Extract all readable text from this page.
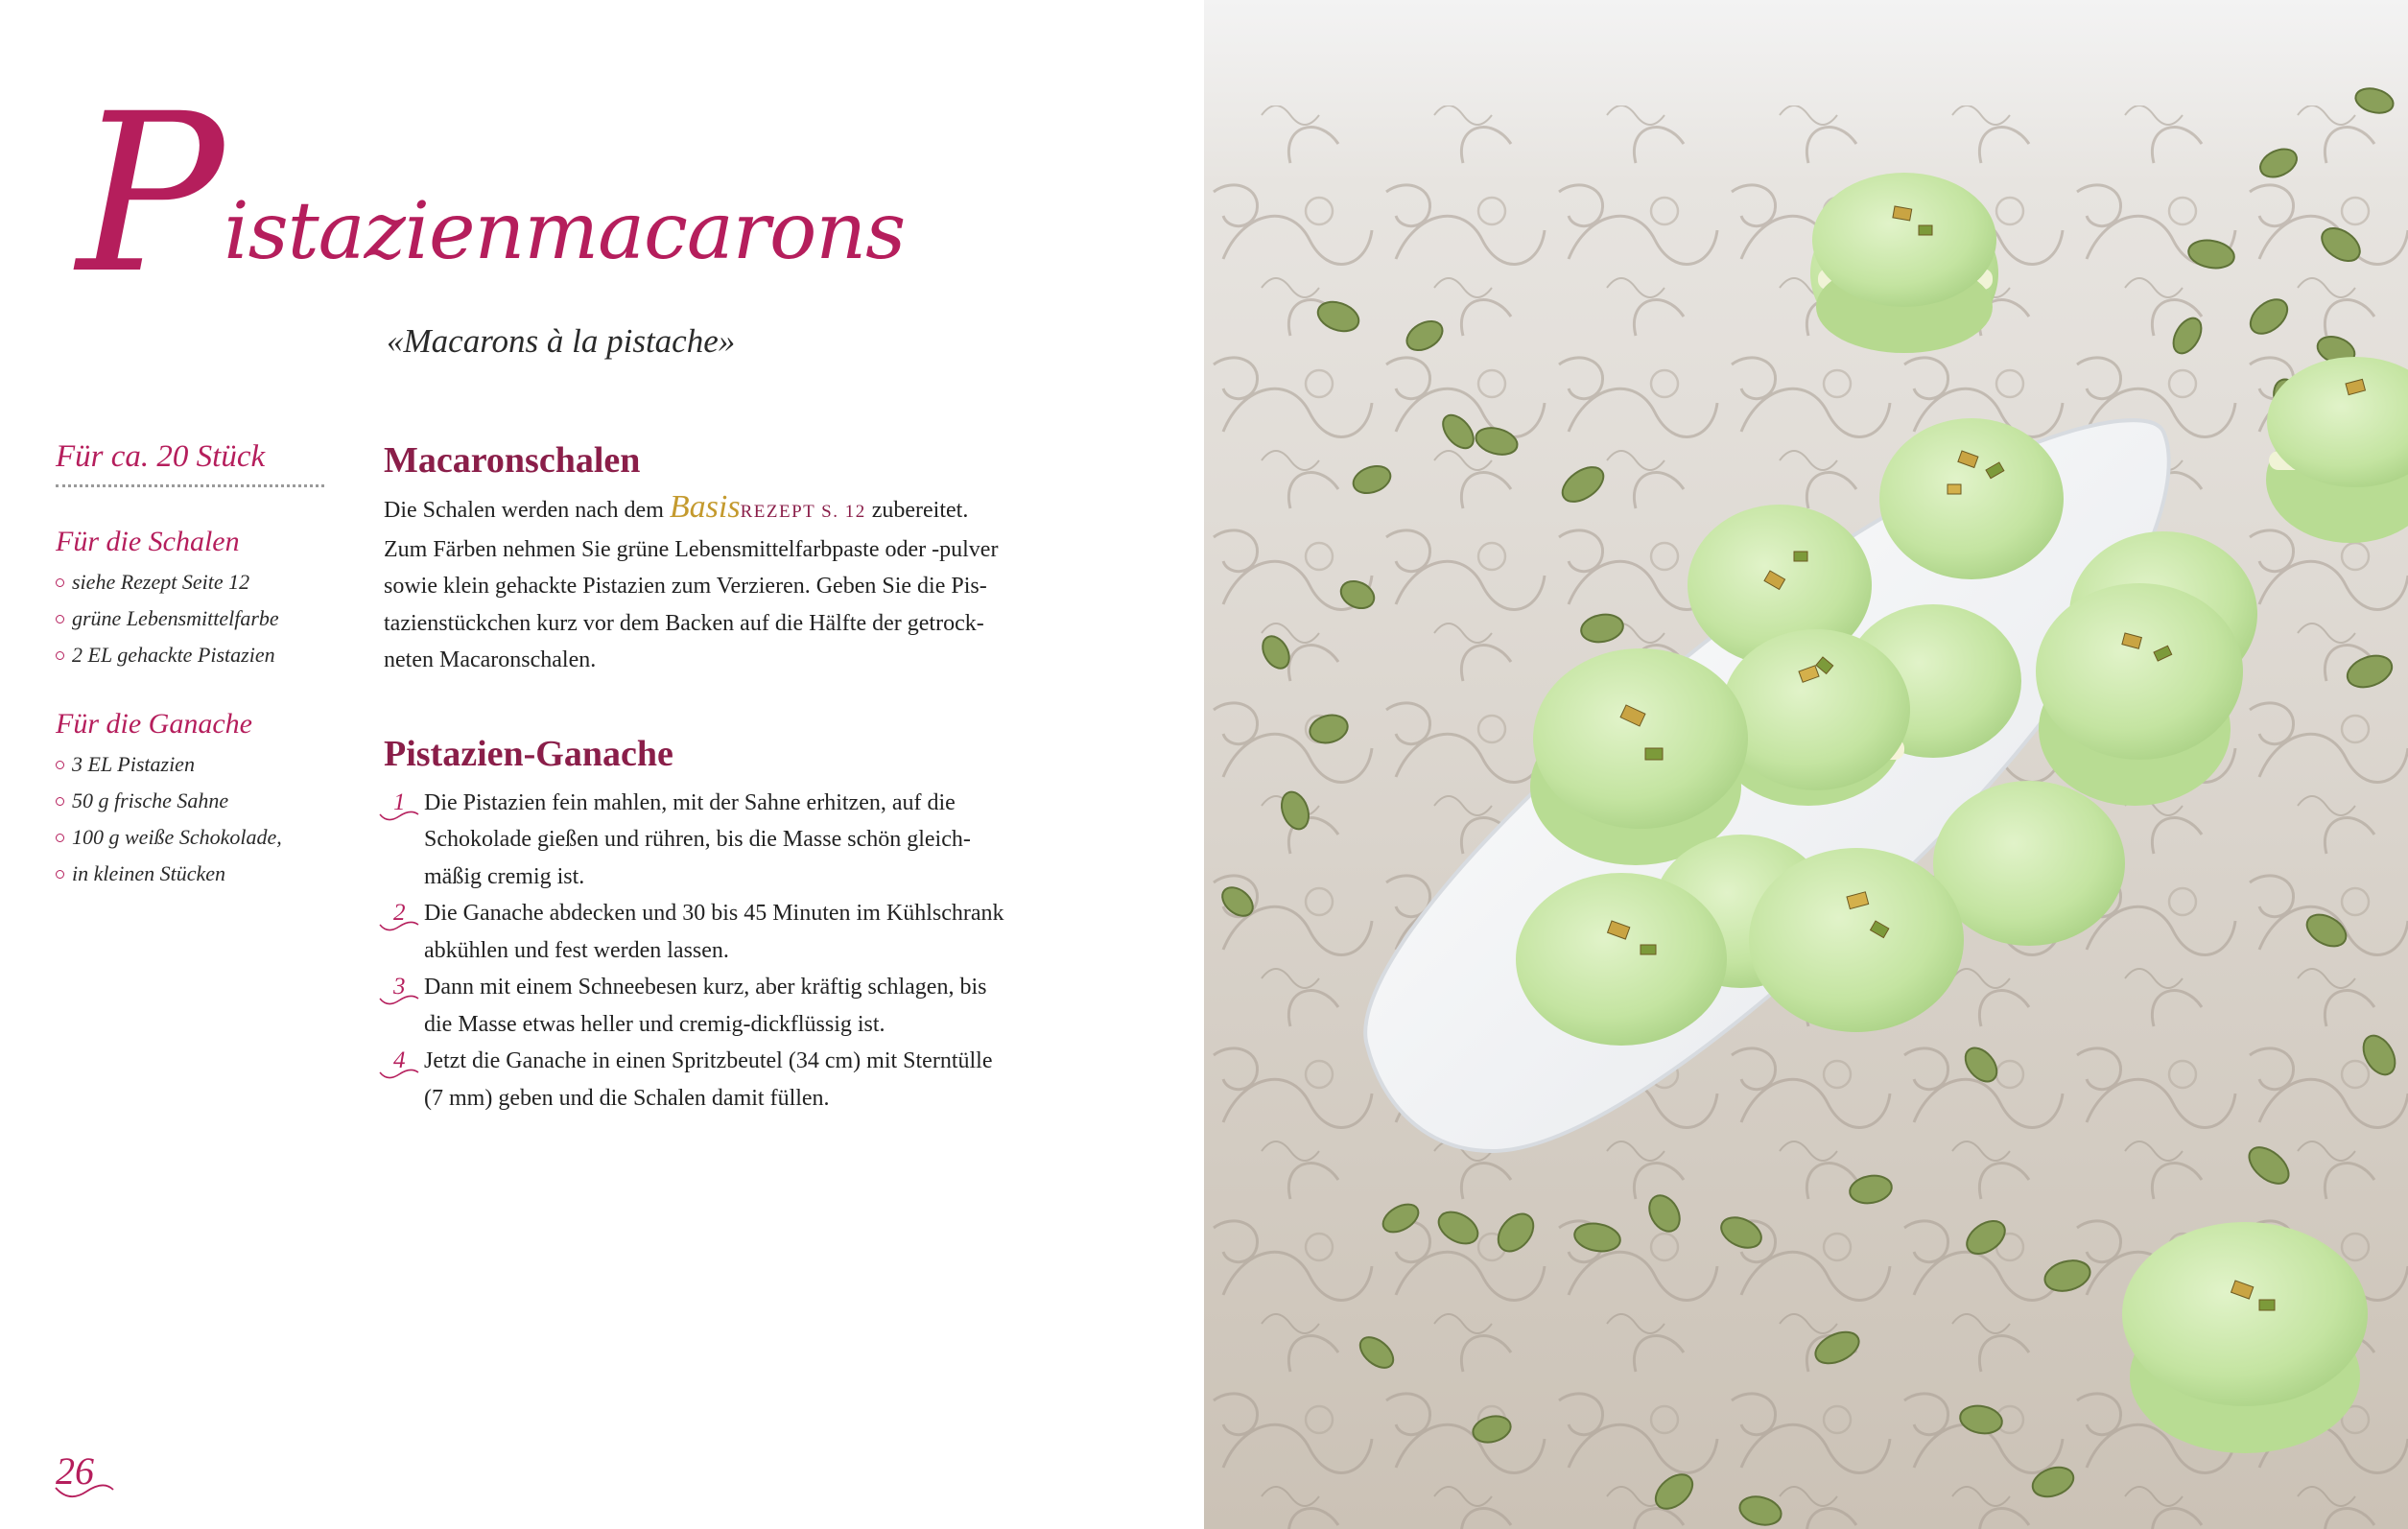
Pistazienmacarons
«Macarons à la pistache»
Für ca. 20 Stück
Für die Schalen
siehe Rezept Seite 12
grüne Lebensmittelfarbe
2 EL gehackte Pistazien
Für die Ganache
3 EL Pistazien
50 g frische Sahne
100 g weiße Schokolade,
in kleinen Stücken
Macaronschalen

Die Schalen werden nach dem BasisREZEPT S. 12 zubereitet.
Zum Färben nehmen Sie grüne Lebensmittelfarbpaste oder -pulver
sowie klein gehackte Pistazien zum Verzieren. Geben Sie die Pis-
tazienstückchen kurz vor dem Backen auf die Hälfte der getrock-
neten Macaronschalen.

Pistazien-Ganache
1 Die Pistazien fein mahlen, mit der Sahne erhitzen, auf die
Schokolade gießen und rühren, bis die Masse schön gleich-
mäßig cremig ist.
2 Die Ganache abdecken und 30 bis 45 Minuten im Kühlschrank
abkühlen und fest werden lassen.
3 Dann mit einem Schneebesen kurz, aber kräftig schlagen, bis
die Masse etwas heller und cremig-dickflüssig ist.
4 Jetzt die Ganache in einen Spritzbeutel (34 cm) mit Sterntülle
(7 mm) geben und die Schalen damit füllen.
26
